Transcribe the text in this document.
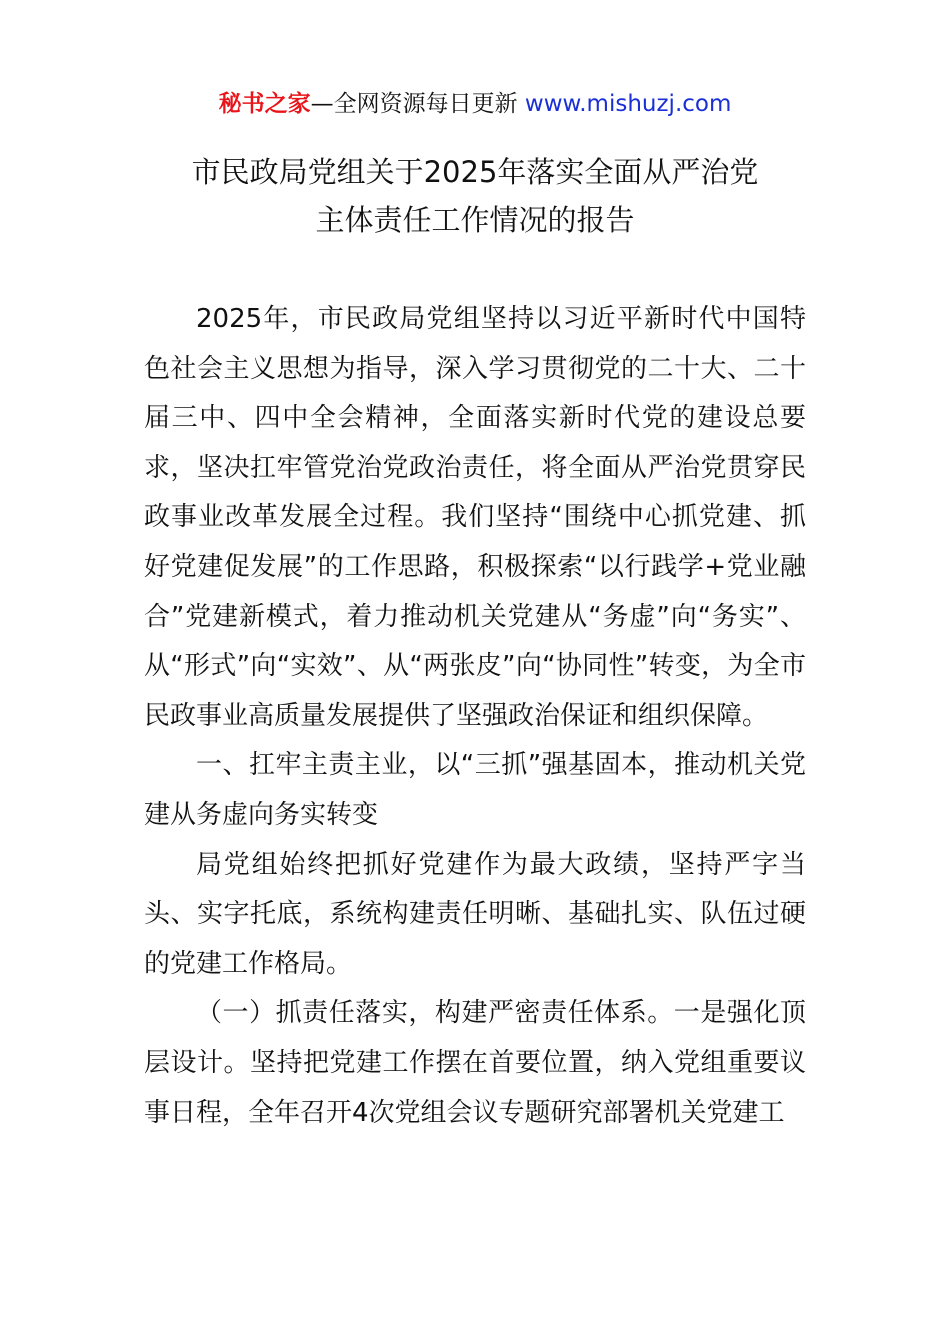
秘书之家—全网资源每日更新 www.mishuzj.com
市民政局党组关于2025年落实全面从严治党
主体责任工作情况的报告

2025年，市民政局党组坚持以习近平新时代中国特色社会主义思想为指导，深入学习贯彻党的二十大、二十届三中、四中全会精神，全面落实新时代党的建设总要求，坚决扛牢管党治党政治责任，将全面从严治党贯穿民政事业改革发展全过程。我们坚持“围绕中心抓党建、抓好党建促发展”的工作思路，积极探索“以行践学+党业融合”党建新模式，着力推动机关党建从“务虚”向“务实”、从“形式”向“实效”、从“两张皮”向“协同性”转变，为全市民政事业高质量发展提供了坚强政治保证和组织保障。

一、扛牢主责主业，以“三抓”强基固本，推动机关党建从务虚向务实转变

局党组始终把抓好党建作为最大政绩，坚持严字当头、实字托底，系统构建责任明晰、基础扎实、队伍过硬的党建工作格局。

（一）抓责任落实，构建严密责任体系。一是强化顶层设计。坚持把党建工作摆在首要位置，纳入党组重要议事日程，全年召开4次党组会议专题研究部署机关党建工
